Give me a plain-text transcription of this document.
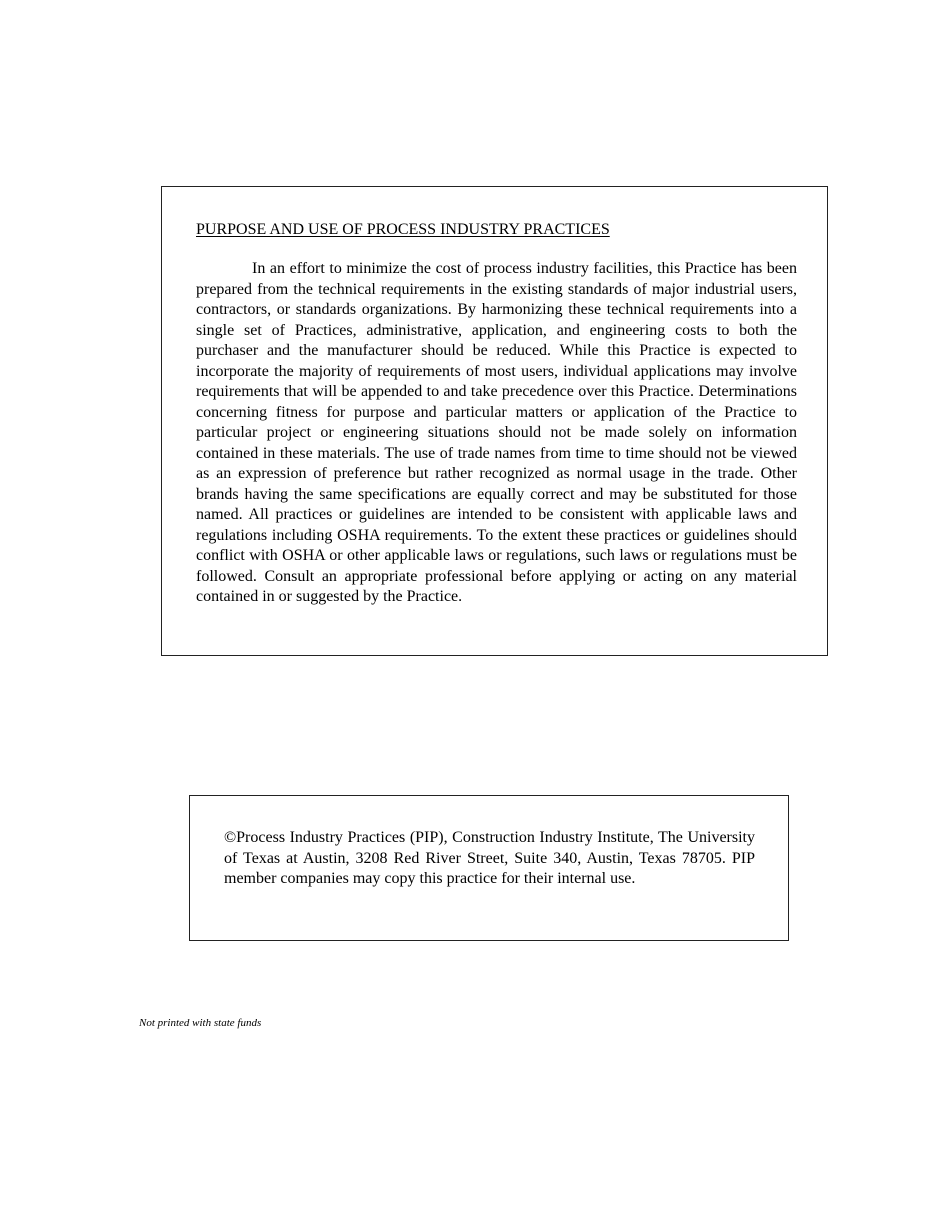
PURPOSE AND USE OF PROCESS INDUSTRY PRACTICES

In an effort to minimize the cost of process industry facilities, this Practice has been prepared from the technical requirements in the existing standards of major industrial users, contractors, or standards organizations. By harmonizing these technical requirements into a single set of Practices, administrative, application, and engineering costs to both the purchaser and the manufacturer should be reduced. While this Practice is expected to incorporate the majority of requirements of most users, individual applications may involve requirements that will be appended to and take precedence over this Practice. Determinations concerning fitness for purpose and particular matters or application of the Practice to particular project or engineering situations should not be made solely on information contained in these materials. The use of trade names from time to time should not be viewed as an expression of preference but rather recognized as normal usage in the trade. Other brands having the same specifications are equally correct and may be substituted for those named. All practices or guidelines are intended to be consistent with applicable laws and regulations including OSHA requirements. To the extent these practices or guidelines should conflict with OSHA or other applicable laws or regulations, such laws or regulations must be followed. Consult an appropriate professional before applying or acting on any material contained in or suggested by the Practice.

©Process Industry Practices (PIP), Construction Industry Institute, The University of Texas at Austin, 3208 Red River Street, Suite 340, Austin, Texas 78705. PIP member companies may copy this practice for their internal use.

Not printed with state funds
